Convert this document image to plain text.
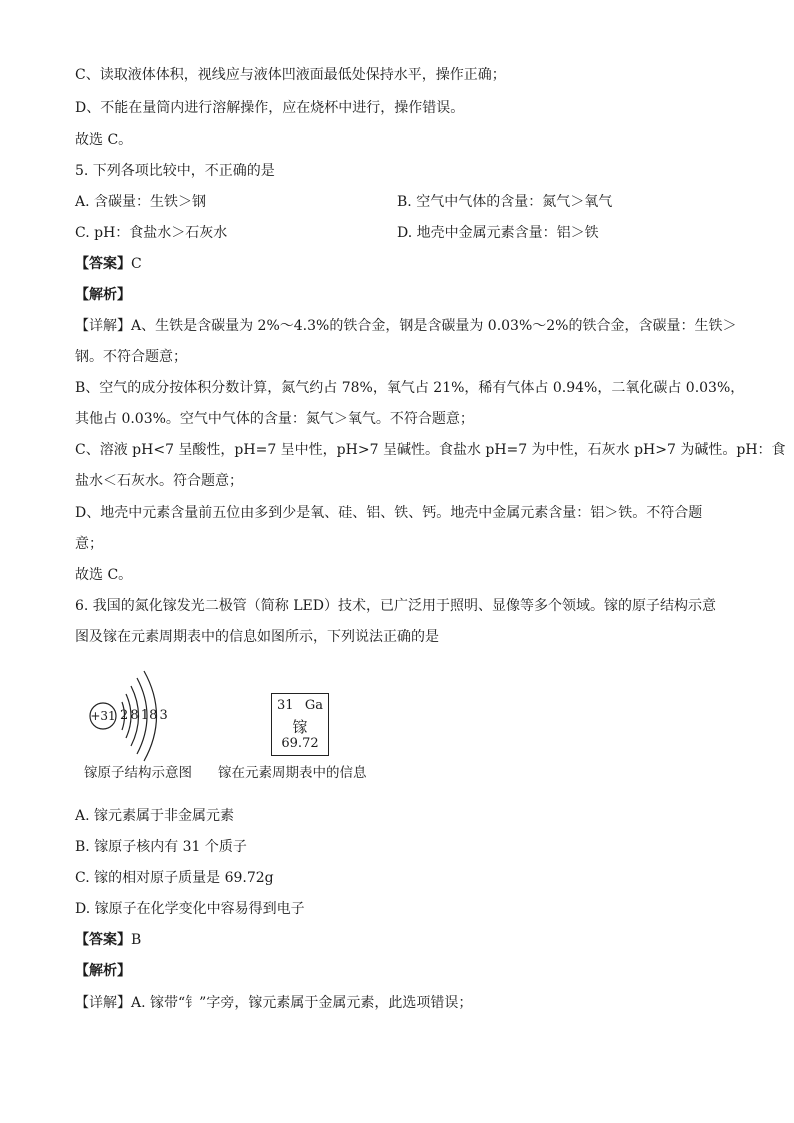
C、读取液体体积，视线应与液体凹液面最低处保持水平，操作正确；
D、不能在量筒内进行溶解操作，应在烧杯中进行，操作错误。
故选 C。
5. 下列各项比较中，不正确的是
A. 含碳量：生铁＞钢	B. 空气中气体的含量：氮气＞氧气
C. pH：食盐水＞石灰水	D. 地壳中金属元素含量：铝＞铁
【答案】C
【解析】
【详解】A、生铁是含碳量为 2%～4.3%的铁合金，钢是含碳量为 0.03%～2%的铁合金，含碳量：生铁＞
钢。不符合题意；
B、空气的成分按体积分数计算，氮气约占 78%，氧气占 21%，稀有气体占 0.94%，二氧化碳占 0.03%，
其他占 0.03%。空气中气体的含量：氮气＞氧气。不符合题意；
C、溶液 pH<7 呈酸性，pH=7 呈中性，pH>7 呈碱性。食盐水 pH=7 为中性，石灰水 pH>7 为碱性。pH：食
盐水＜石灰水。符合题意；
D、地壳中元素含量前五位由多到少是氧、硅、铝、铁、钙。地壳中金属元素含量：铝＞铁。不符合题
意；
故选 C。
6. 我国的氮化镓发光二极管（简称 LED）技术，已广泛用于照明、显像等多个领域。镓的原子结构示意
图及镓在元素周期表中的信息如图所示，下列说法正确的是
+31 2 8 18 3
31 Ga
镓
69.72
镓原子结构示意图 镓在元素周期表中的信息
A. 镓元素属于非金属元素
B. 镓原子核内有 31 个质子
C. 镓的相对原子质量是 69.72g
D. 镓原子在化学变化中容易得到电子
【答案】B
【解析】
【详解】A. 镓带“钅”字旁，镓元素属于金属元素，此选项错误；
